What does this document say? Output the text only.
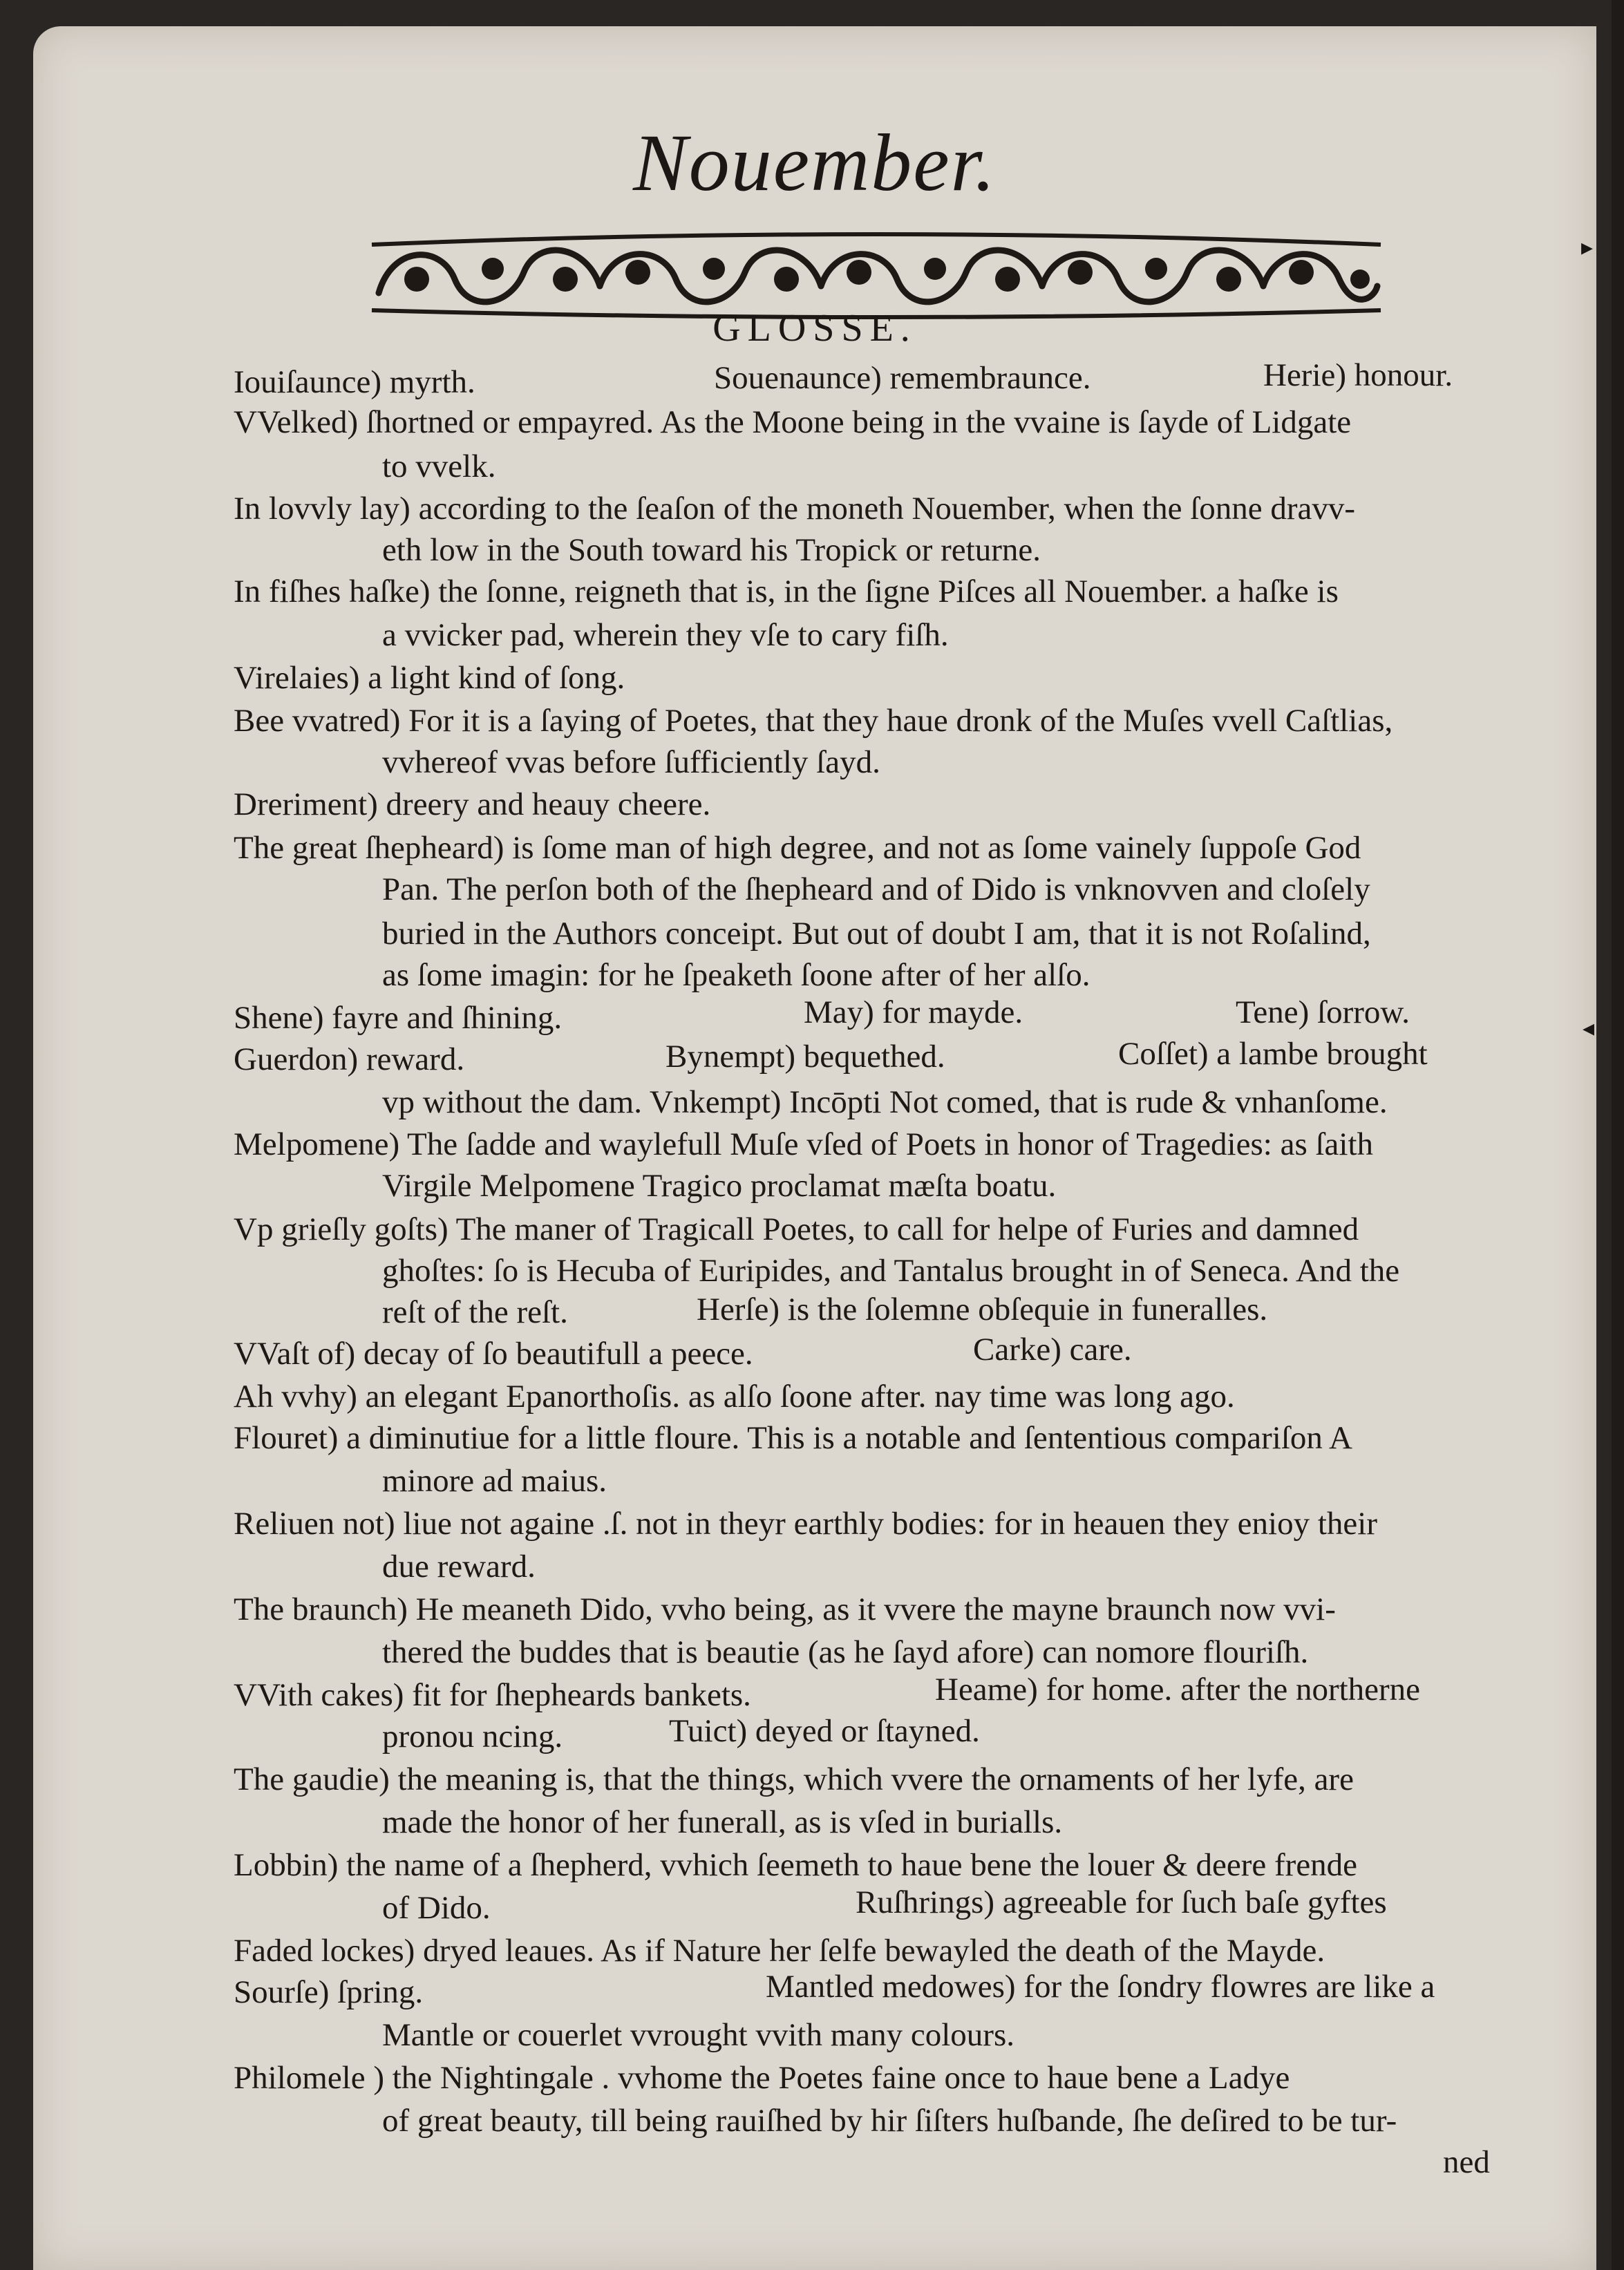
Nouember.
GLOSSE.
Iouiſaunce) myrth.	Souenaunce) remembraunce.	Herie) honour.
VVelked) ſhortned or empayred. As the Moone being in the vvaine is ſayde of Lidgate
to vvelk.
In lovvly lay) according to the ſeaſon of the moneth Nouember, when the ſonne dravv-
eth low in the South toward his Tropick or returne.
In fiſhes haſke) the ſonne, reigneth that is, in the ſigne Piſces all Nouember. a haſke is
a vvicker pad, wherein they vſe to cary fiſh.
Virelaies) a light kind of ſong.
Bee vvatred) For it is a ſaying of Poetes, that they haue dronk of the Muſes vvell Caſtlias,
vvhereof vvas before ſufficiently ſayd.
Dreriment) dreery and heauy cheere.
The great ſhepheard) is ſome man of high degree, and not as ſome vainely ſuppoſe God
Pan. The perſon both of the ſhepheard and of Dido is vnknovven and cloſely
buried in the Authors conceipt. But out of doubt I am, that it is not Roſalind,
as ſome imagin: for he ſpeaketh ſoone after of her alſo.
Shene) fayre and ſhining.	May) for mayde.	Tene) ſorrow.
Guerdon) reward.	Bynempt) bequethed.	Coſſet) a lambe brought
vp without the dam. Vnkempt) Incōpti Not comed, that is rude & vnhanſome.
Melpomene) The ſadde and waylefull Muſe vſed of Poets in honor of Tragedies: as ſaith
Virgile Melpomene Tragico proclamat mæſta boatu.
Vp grieſly goſts) The maner of Tragicall Poetes, to call for helpe of Furies and damned
ghoſtes: ſo is Hecuba of Euripides, and Tantalus brought in of Seneca. And the
reſt of the reſt.	Herſe) is the ſolemne obſequie in funeralles.
VVaſt of) decay of ſo beautifull a peece.	Carke) care.
Ah vvhy) an elegant Epanorthoſis. as alſo ſoone after. nay time was long ago.
Flouret) a diminutiue for a little floure. This is a notable and ſententious compariſon A
minore ad maius.
Reliuen not) liue not againe .ſ. not in theyr earthly bodies: for in heauen they enioy their
due reward.
The braunch) He meaneth Dido, vvho being, as it vvere the mayne braunch now vvi-
thered the buddes that is beautie (as he ſayd afore) can nomore flouriſh.
VVith cakes) fit for ſhepheards bankets.	Heame) for home. after the northerne
pronou ncing.	Tuict) deyed or ſtayned.
The gaudie) the meaning is, that the things, which vvere the ornaments of her lyfe, are
made the honor of her funerall, as is vſed in burialls.
Lobbin) the name of a ſhepherd, vvhich ſeemeth to haue bene the louer & deere frende
of Dido.	Ruſhrings) agreeable for ſuch baſe gyftes
Faded lockes) dryed leaues. As if Nature her ſelfe bewayled the death of the Mayde.
Sourſe) ſpring.	Mantled medowes) for the ſondry flowres are like a
Mantle or couerlet vvrought vvith many colours.
Philomele ) the Nightingale . vvhome the Poetes faine once to haue bene a Ladye
of great beauty, till being rauiſhed by hir ſiſters huſbande, ſhe deſired to be tur-
ned
▸
◂
